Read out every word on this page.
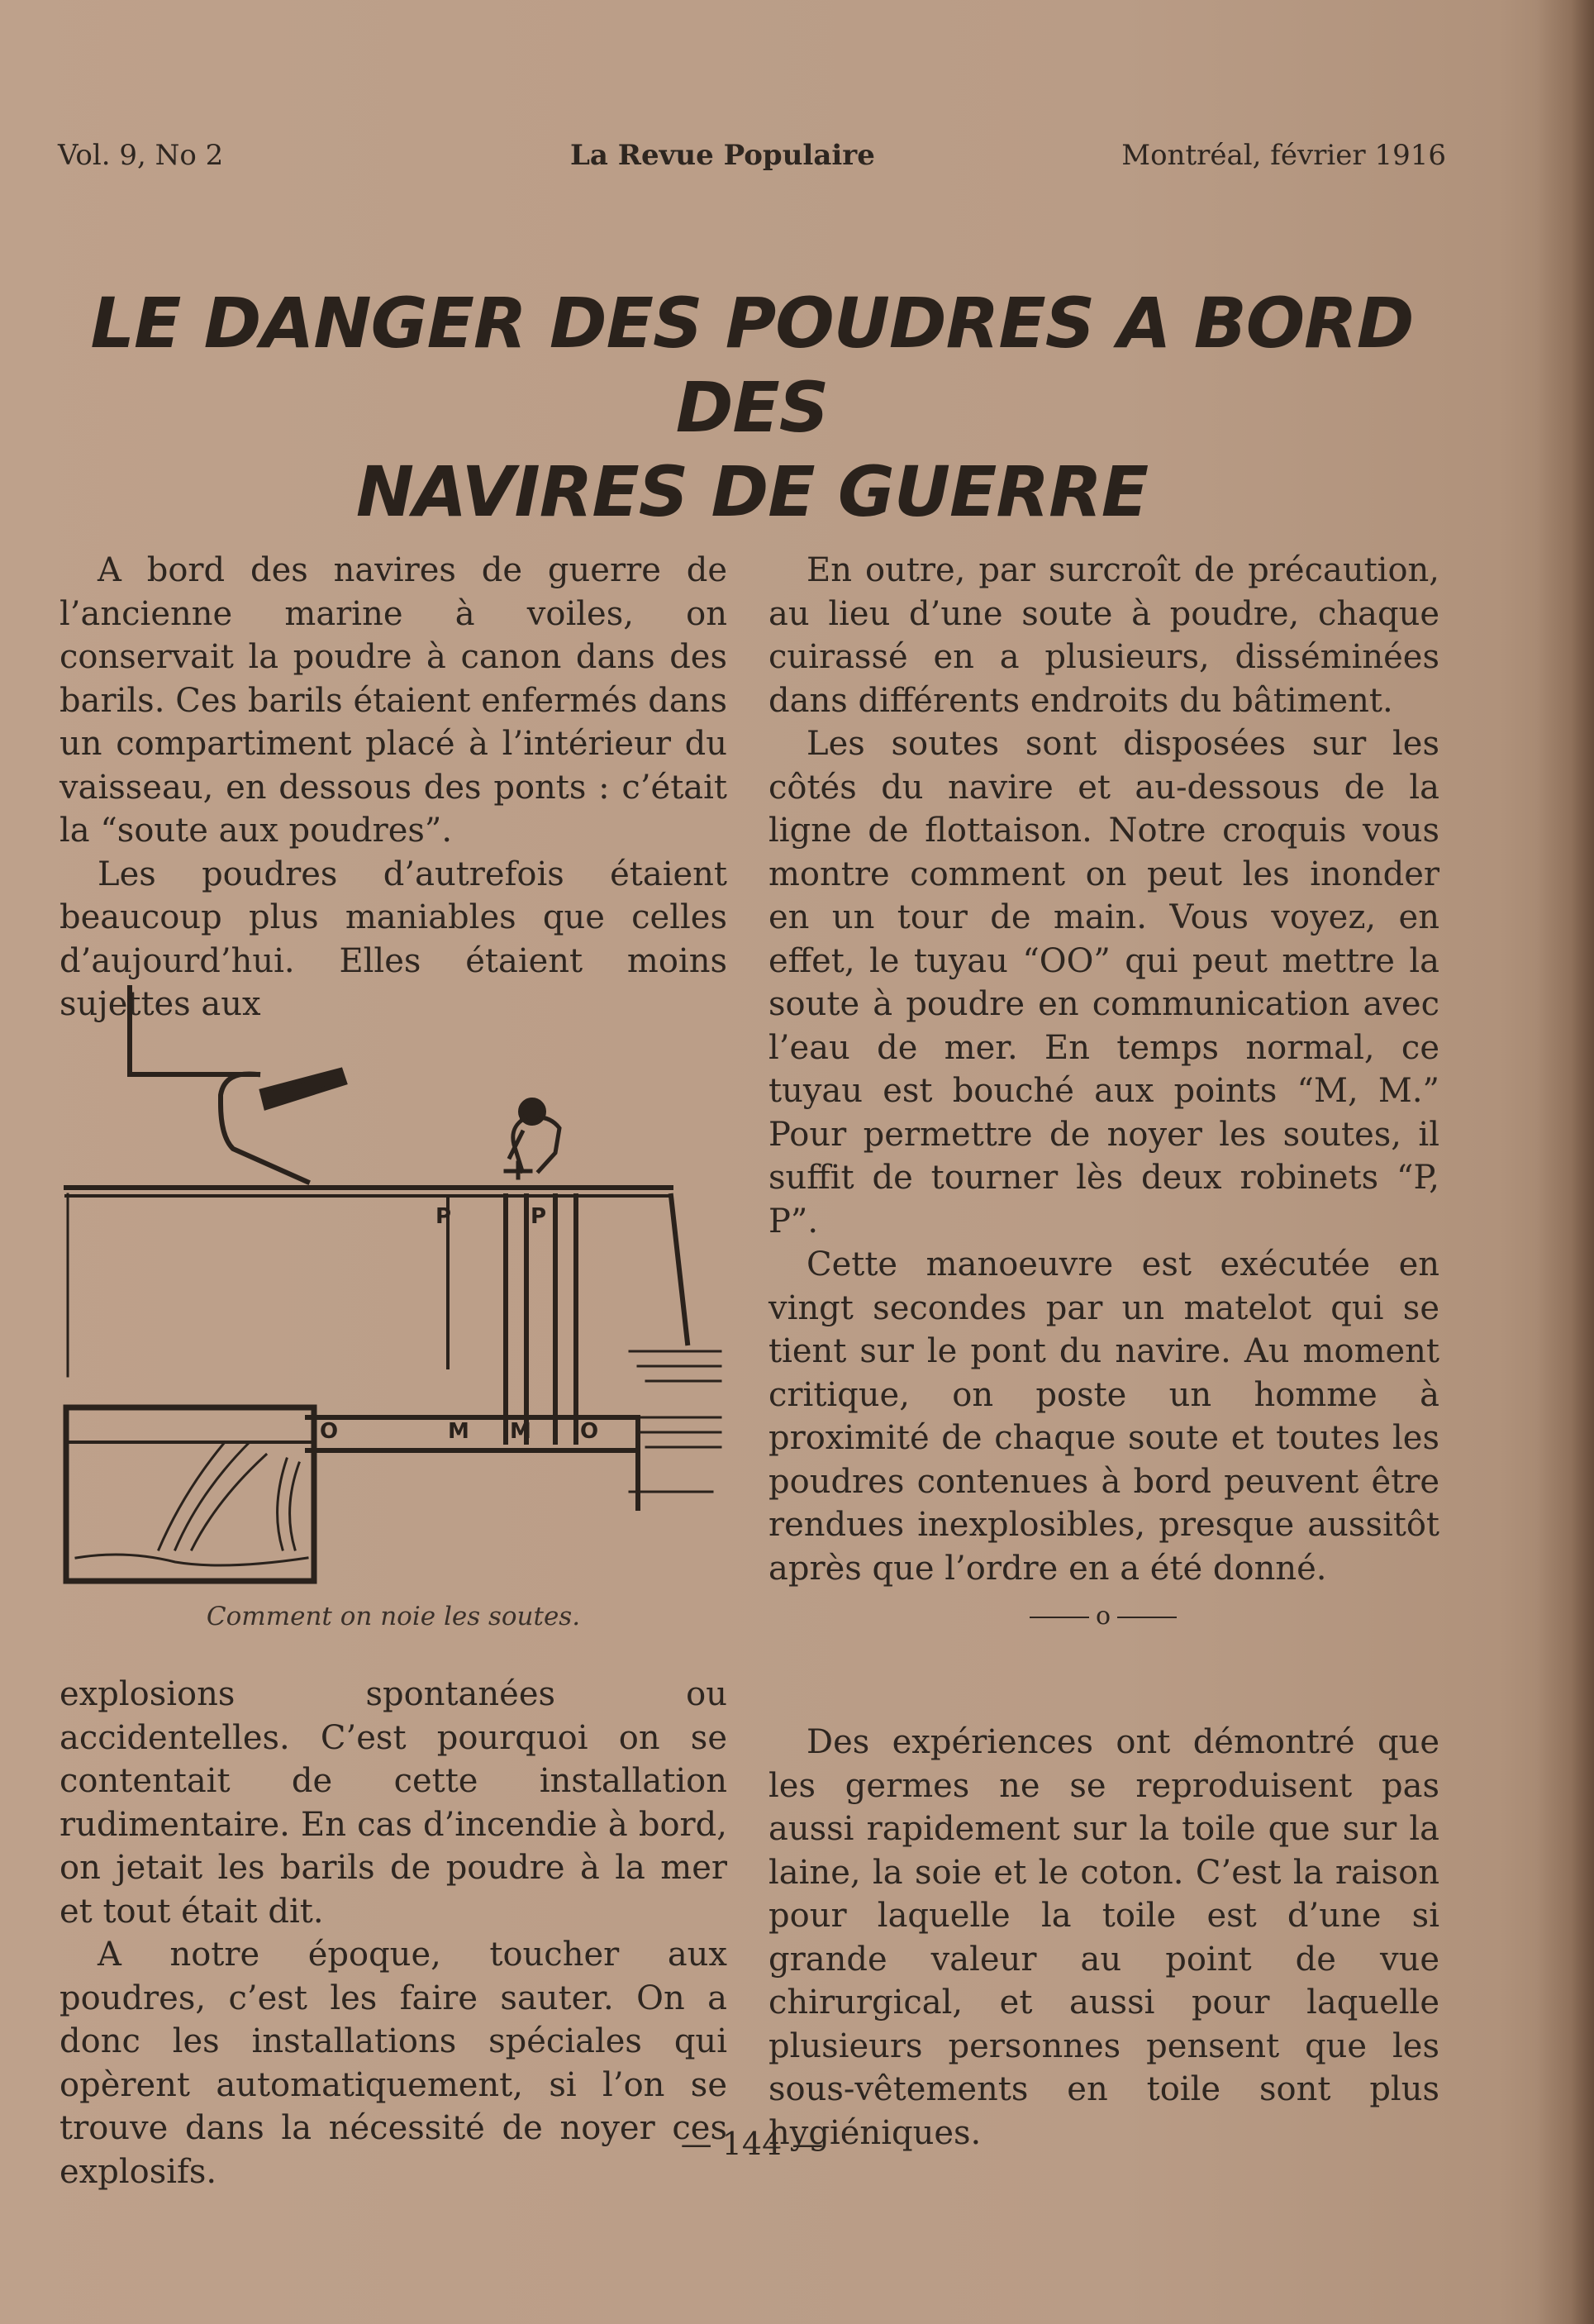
Vol. 9, No 2	La Revue Populaire	Montréal, février 1916
LE DANGER DES POUDRES A BORD DES
NAVIRES DE GUERRE

A bord des navires de guerre de l’ancienne marine à voiles, on conservait la poudre à canon dans des barils. Ces barils étaient enfermés dans un compartiment placé à l’intérieur du vaisseau, en dessous des ponts : c’était la “soute aux poudres”.

Les poudres d’autrefois étaient beaucoup plus maniables que celles d’aujourd’hui. Elles étaient moins sujettes aux

P	P
O	M M O
Comment on noie les soutes.

explosions spontanées ou accidentelles. C’est pourquoi on se contentait de cette installation rudimentaire. En cas d’incendie à bord, on jetait les barils de poudre à la mer et tout était dit.

A notre époque, toucher aux poudres, c’est les faire sauter. On a donc les installations spéciales qui opèrent automatiquement, si l’on se trouve dans la nécessité de noyer ces explosifs.

En outre, par surcroît de précaution, au lieu d’une soute à poudre, chaque cuirassé en a plusieurs, disséminées dans différents endroits du bâtiment.

Les soutes sont disposées sur les côtés du navire et au-dessous de la ligne de flottaison. Notre croquis vous montre comment on peut les inonder en un tour de main. Vous voyez, en effet, le tuyau “OO” qui peut mettre la soute à poudre en communication avec l’eau de mer. En temps normal, ce tuyau est bouché aux points “M, M.” Pour permettre de noyer les soutes, il suffit de tourner lès deux robinets “P, P”.

Cette manoeuvre est exécutée en vingt secondes par un matelot qui se tient sur le pont du navire. Au moment critique, on poste un homme à proximité de chaque soute et toutes les poudres contenues à bord peuvent être rendues inexplosibles, presque aussitôt après que l’ordre en a été donné.

o

Des expériences ont démontré que les germes ne se reproduisent pas aussi rapidement sur la toile que sur la laine, la soie et le coton. C’est la raison pour laquelle la toile est d’une si grande valeur au point de vue chirurgical, et aussi pour laquelle plusieurs personnes pensent que les sous-vêtements en toile sont plus hygiéniques.

— 144 —
